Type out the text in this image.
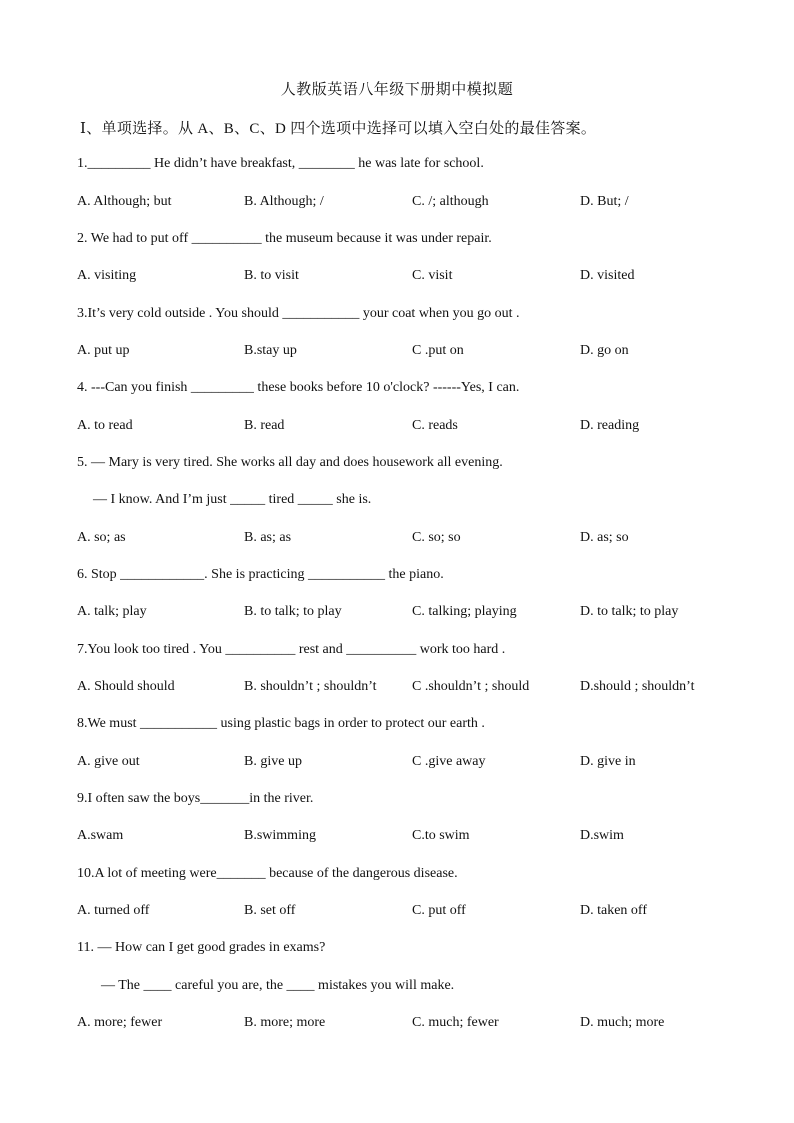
人教版英语八年级下册期中模拟题
Ⅰ、单项选择。从 A、B、C、D 四个选项中选择可以填入空白处的最佳答案。
1._________ He didn’t have breakfast, ________ he was late for school.
A. Although; but	B. Although; /	C. /; although	D. But; /
2. We had to put off __________ the museum because it was under repair.
A. visiting	B. to visit	C. visit	D. visited
3.It’s very cold outside . You should ___________ your coat when you go out .
A. put up	B.stay up	C .put on	D. go on
4. ---Can you finish _________ these books before 10 o'clock? ------Yes, I can.
A. to read	B. read	C. reads	D. reading
5. — Mary is very tired. She works all day and does housework all evening.
— I know. And I’m just _____ tired _____ she is.
A. so; as	B. as; as	C. so; so	D. as; so
6. Stop ____________. She is practicing ___________ the piano.
A. talk; play	B. to talk; to play	C. talking; playing	D. to talk; to play
7.You look too tired . You __________ rest and __________ work too hard .
A. Should should	B. shouldn’t ; shouldn’t	C .shouldn’t ; should	D.should ; shouldn’t
8.We must ___________ using plastic bags in order to protect our earth .
A. give out	B. give up	C .give away	D. give in
9.I often saw the boys_______in the river.
A.swam	B.swimming	C.to swim	D.swim
10.A lot of meeting were_______ because of the dangerous disease.
A. turned off	B. set off	C. put off	D. taken off
11. — How can I get good grades in exams?
— The ____ careful you are, the ____ mistakes you will make.
A. more; fewer	B. more; more	C. much; fewer	D. much; more
